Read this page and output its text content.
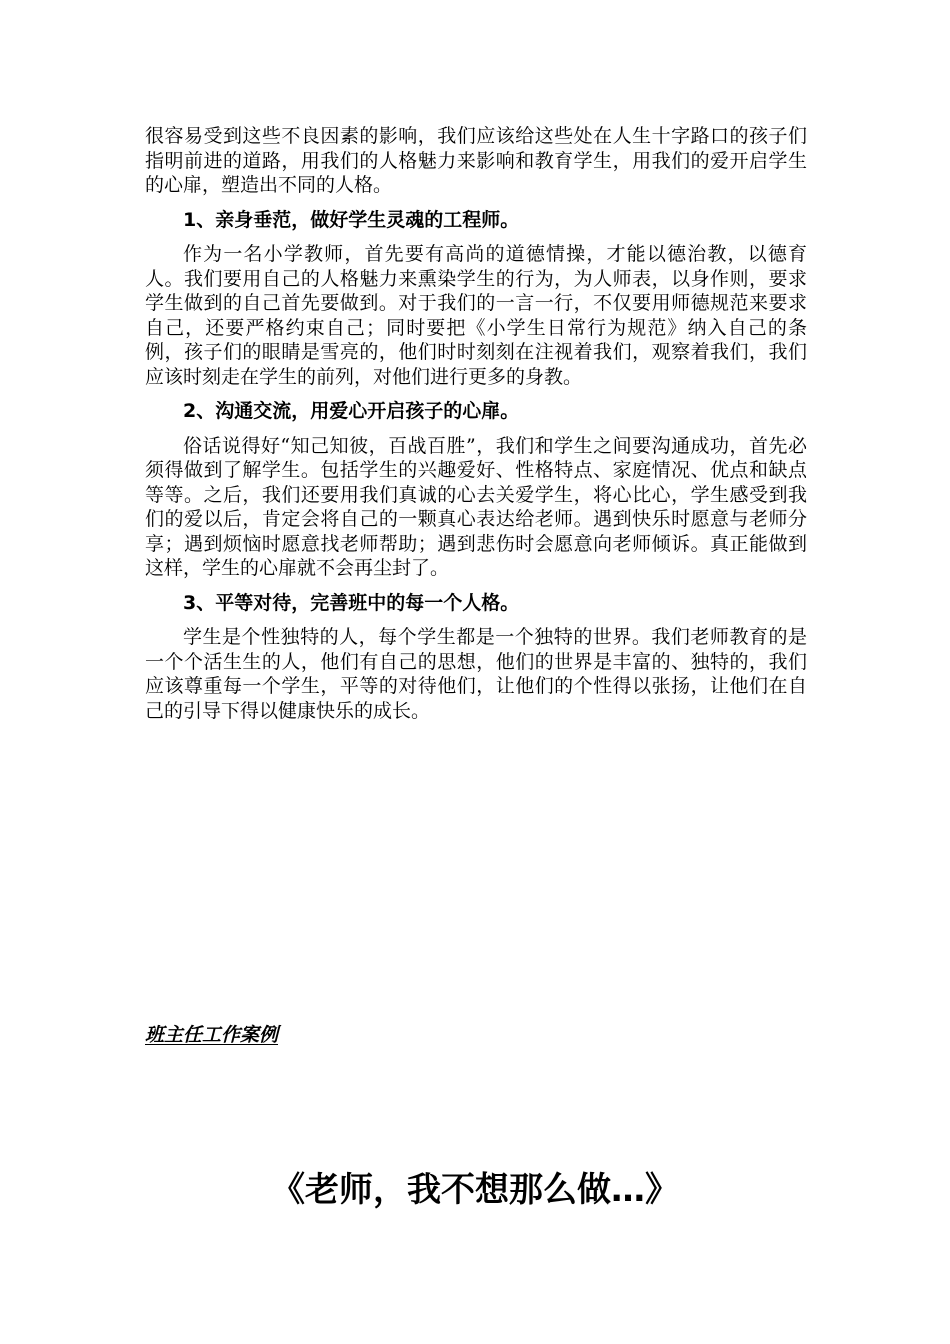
很容易受到这些不良因素的影响，我们应该给这些处在人生十字路口的孩子们指明前进的道路，用我们的人格魅力来影响和教育学生，用我们的爱开启学生的心扉，塑造出不同的人格。

1、亲身垂范，做好学生灵魂的工程师。

作为一名小学教师，首先要有高尚的道德情操，才能以德治教，以德育人。我们要用自己的人格魅力来熏染学生的行为，为人师表，以身作则，要求学生做到的自己首先要做到。对于我们的一言一行，不仅要用师德规范来要求自己，还要严格约束自己；同时要把《小学生日常行为规范》纳入自己的条例，孩子们的眼睛是雪亮的，他们时时刻刻在注视着我们，观察着我们，我们应该时刻走在学生的前列，对他们进行更多的身教。

2、沟通交流，用爱心开启孩子的心扉。

俗话说得好“知己知彼，百战百胜”，我们和学生之间要沟通成功，首先必须得做到了解学生。包括学生的兴趣爱好、性格特点、家庭情况、优点和缺点等等。之后，我们还要用我们真诚的心去关爱学生，将心比心，学生感受到我们的爱以后，肯定会将自己的一颗真心表达给老师。遇到快乐时愿意与老师分享；遇到烦恼时愿意找老师帮助；遇到悲伤时会愿意向老师倾诉。真正能做到这样，学生的心扉就不会再尘封了。

3、平等对待，完善班中的每一个人格。

学生是个性独特的人，每个学生都是一个独特的世界。我们老师教育的是一个个活生生的人，他们有自己的思想，他们的世界是丰富的、独特的，我们应该尊重每一个学生，平等的对待他们，让他们的个性得以张扬，让他们在自己的引导下得以健康快乐的成长。

班主任工作案例
《老师，我不想那么做…》
